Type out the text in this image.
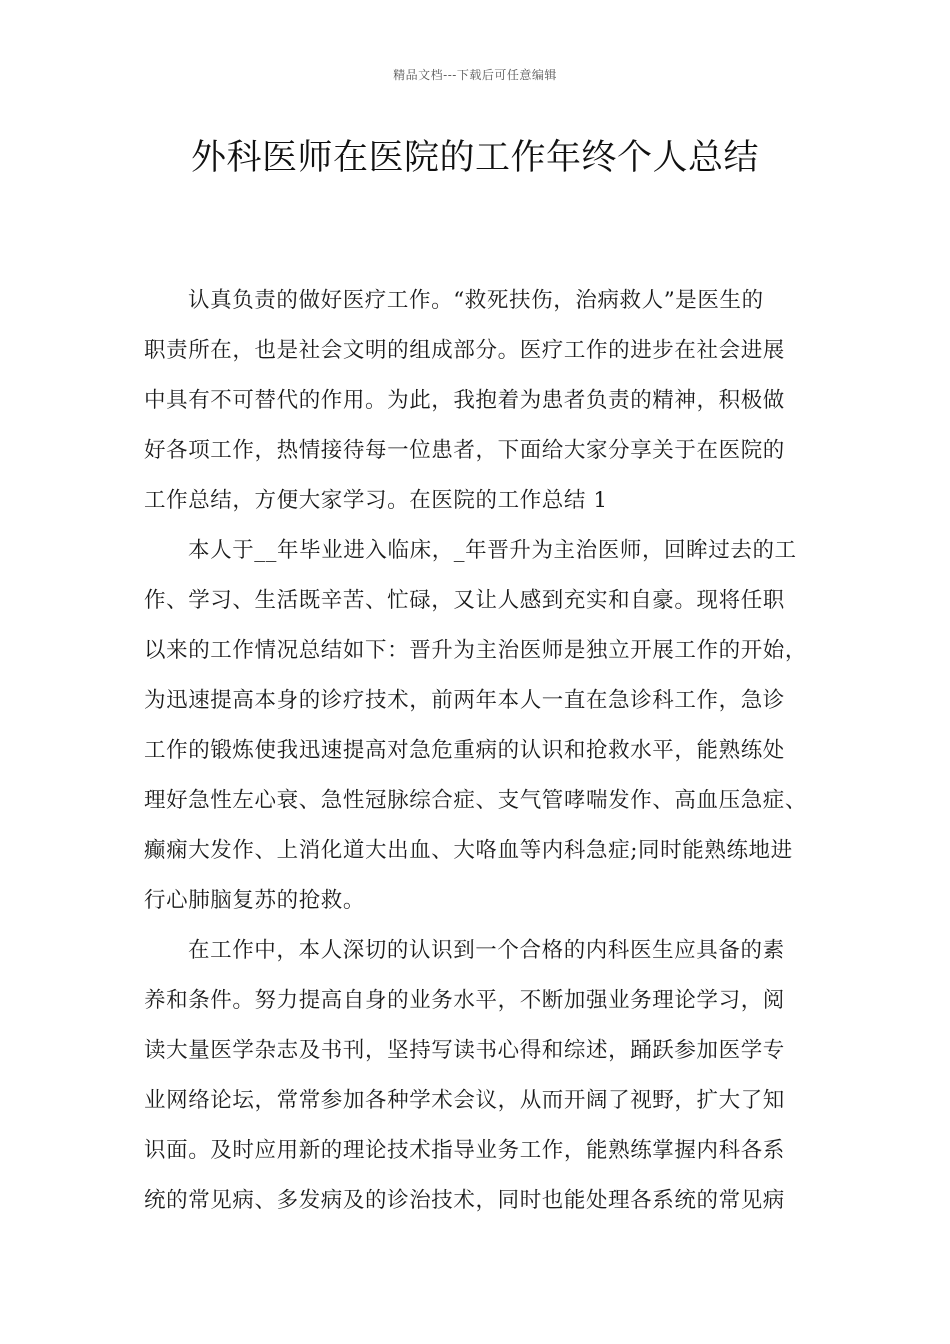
精品文档---下载后可任意编辑
外科医师在医院的工作年终个人总结
认真负责的做好医疗工作。“救死扶伤，治病救人”是医生的
职责所在，也是社会文明的组成部分。医疗工作的进步在社会进展
中具有不可替代的作用。为此，我抱着为患者负责的精神，积极做
好各项工作，热情接待每一位患者，下面给大家分享关于在医院的
工作总结，方便大家学习。在医院的工作总结 1
本人于__年毕业进入临床，_年晋升为主治医师，回眸过去的工
作、学习、生活既辛苦、忙碌，又让人感到充实和自豪。现将任职
以来的工作情况总结如下：晋升为主治医师是独立开展工作的开始，
为迅速提高本身的诊疗技术，前两年本人一直在急诊科工作，急诊
工作的锻炼使我迅速提高对急危重病的认识和抢救水平，能熟练处
理好急性左心衰、急性冠脉综合症、支气管哮喘发作、高血压急症、
癫痫大发作、上消化道大出血、大咯血等内科急症;同时能熟练地进
行心肺脑复苏的抢救。
在工作中，本人深切的认识到一个合格的内科医生应具备的素
养和条件。努力提高自身的业务水平，不断加强业务理论学习，阅
读大量医学杂志及书刊，坚持写读书心得和综述，踊跃参加医学专
业网络论坛，常常参加各种学术会议，从而开阔了视野，扩大了知
识面。及时应用新的理论技术指导业务工作，能熟练掌握内科各系
统的常见病、多发病及的诊治技术，同时也能处理各系统的常见病
